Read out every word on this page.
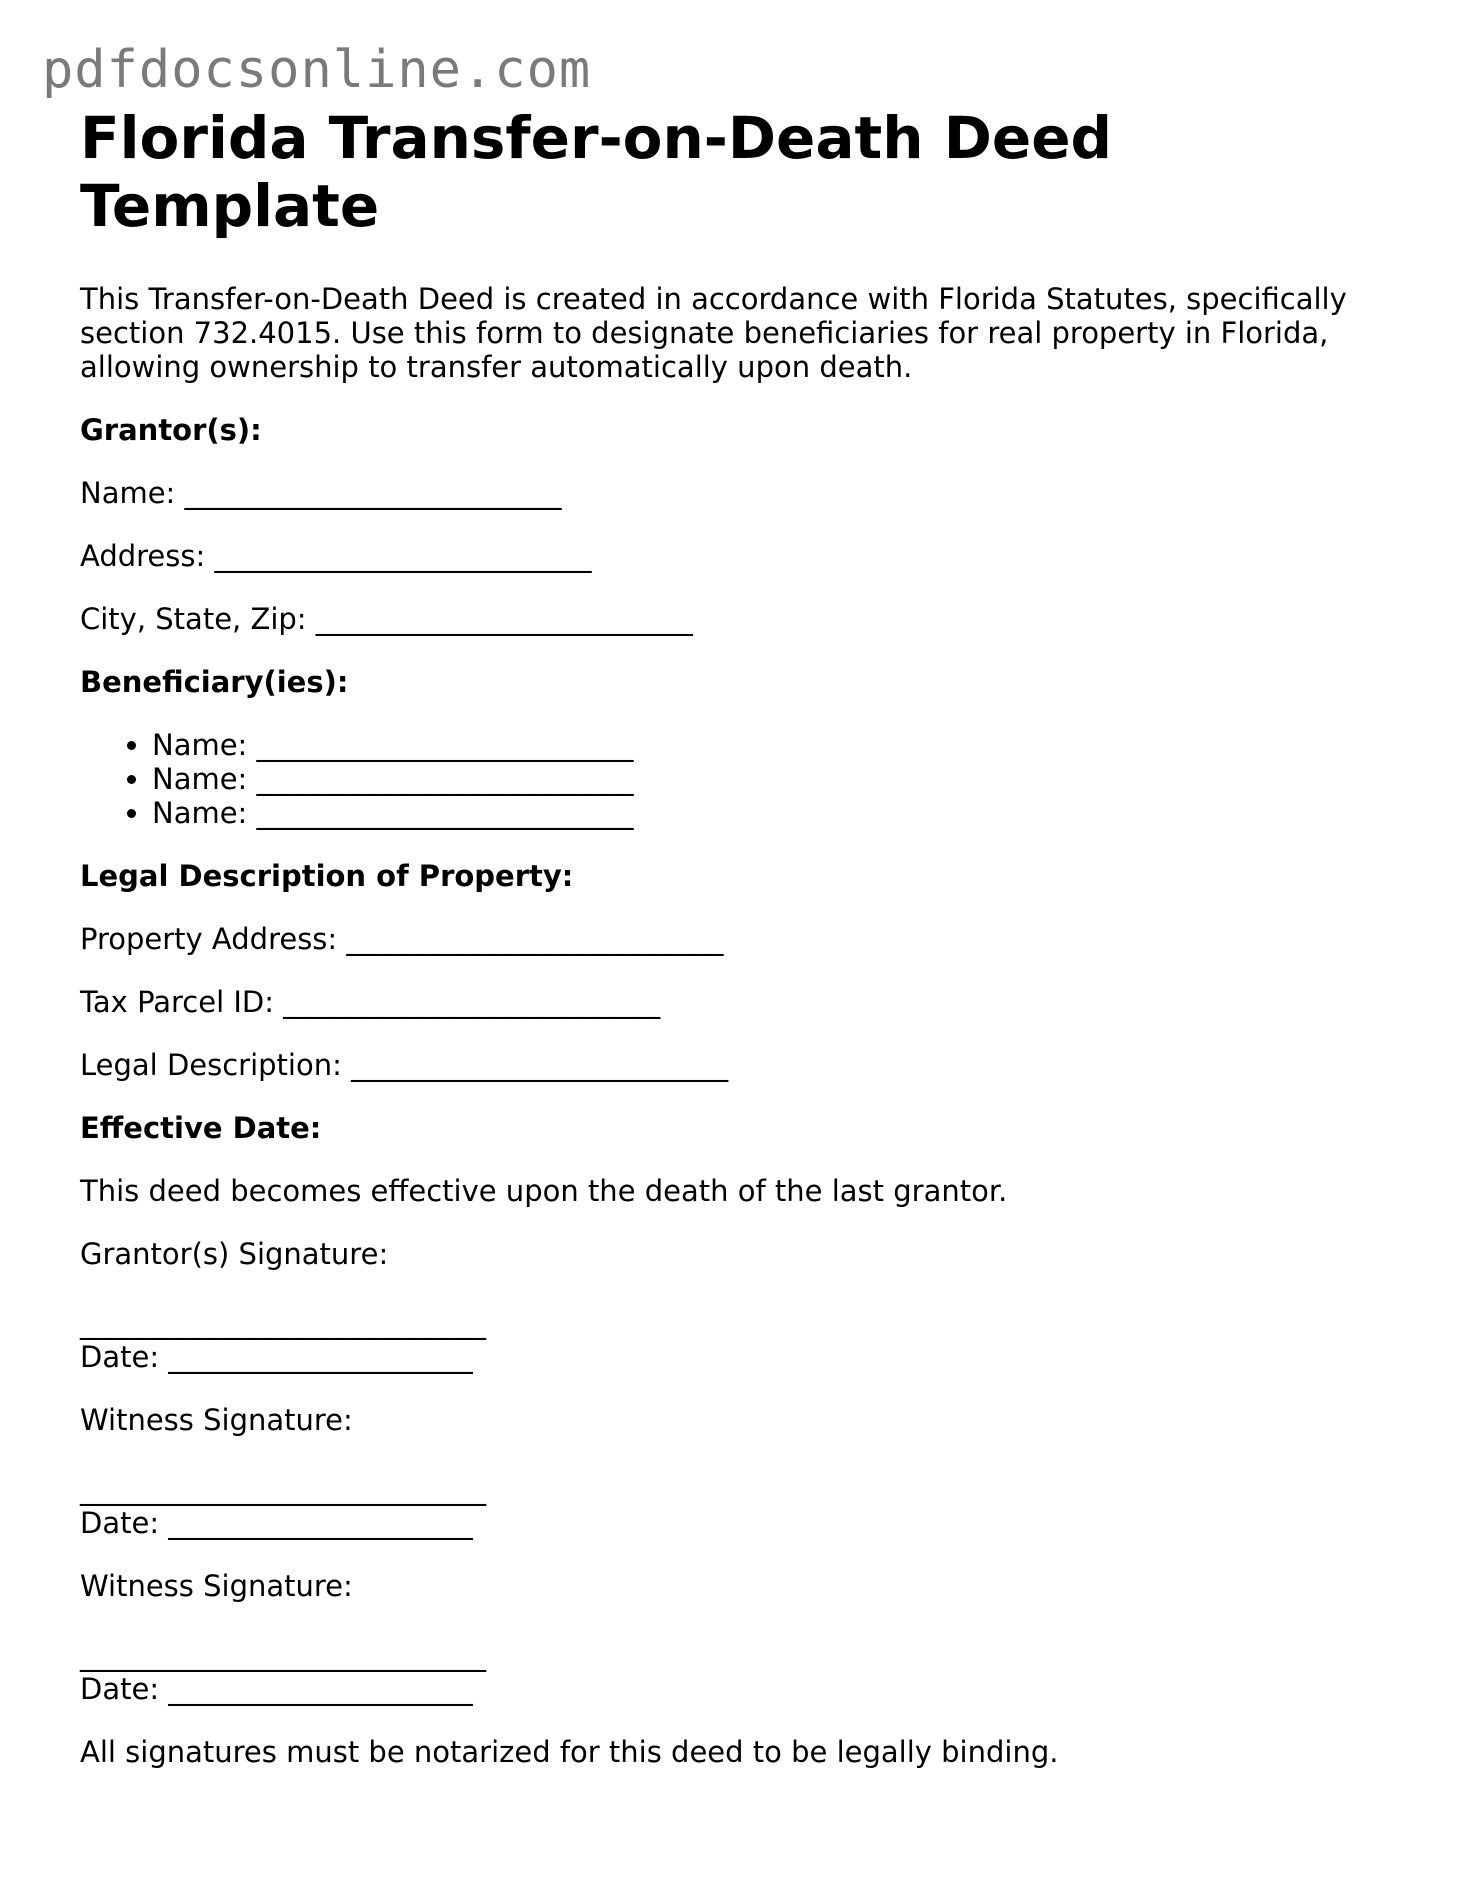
pdfdocsonline.com
Florida Transfer-on-Death Deed Template

This Transfer-on-Death Deed is created in accordance with Florida Statutes, specifically section 732.4015. Use this form to designate beneficiaries for real property in Florida, allowing ownership to transfer automatically upon death.

Grantor(s):

Name: __________________________

Address: __________________________

City, State, Zip: __________________________

Beneficiary(ies):

• Name: __________________________
• Name: __________________________
• Name: __________________________

Legal Description of Property:

Property Address: __________________________

Tax Parcel ID: __________________________

Legal Description: __________________________

Effective Date:

This deed becomes effective upon the death of the last grantor.

Grantor(s) Signature:

____________________________

Date: _____________________

Witness Signature:

____________________________

Date: _____________________

Witness Signature:

____________________________

Date: _____________________

All signatures must be notarized for this deed to be legally binding.
